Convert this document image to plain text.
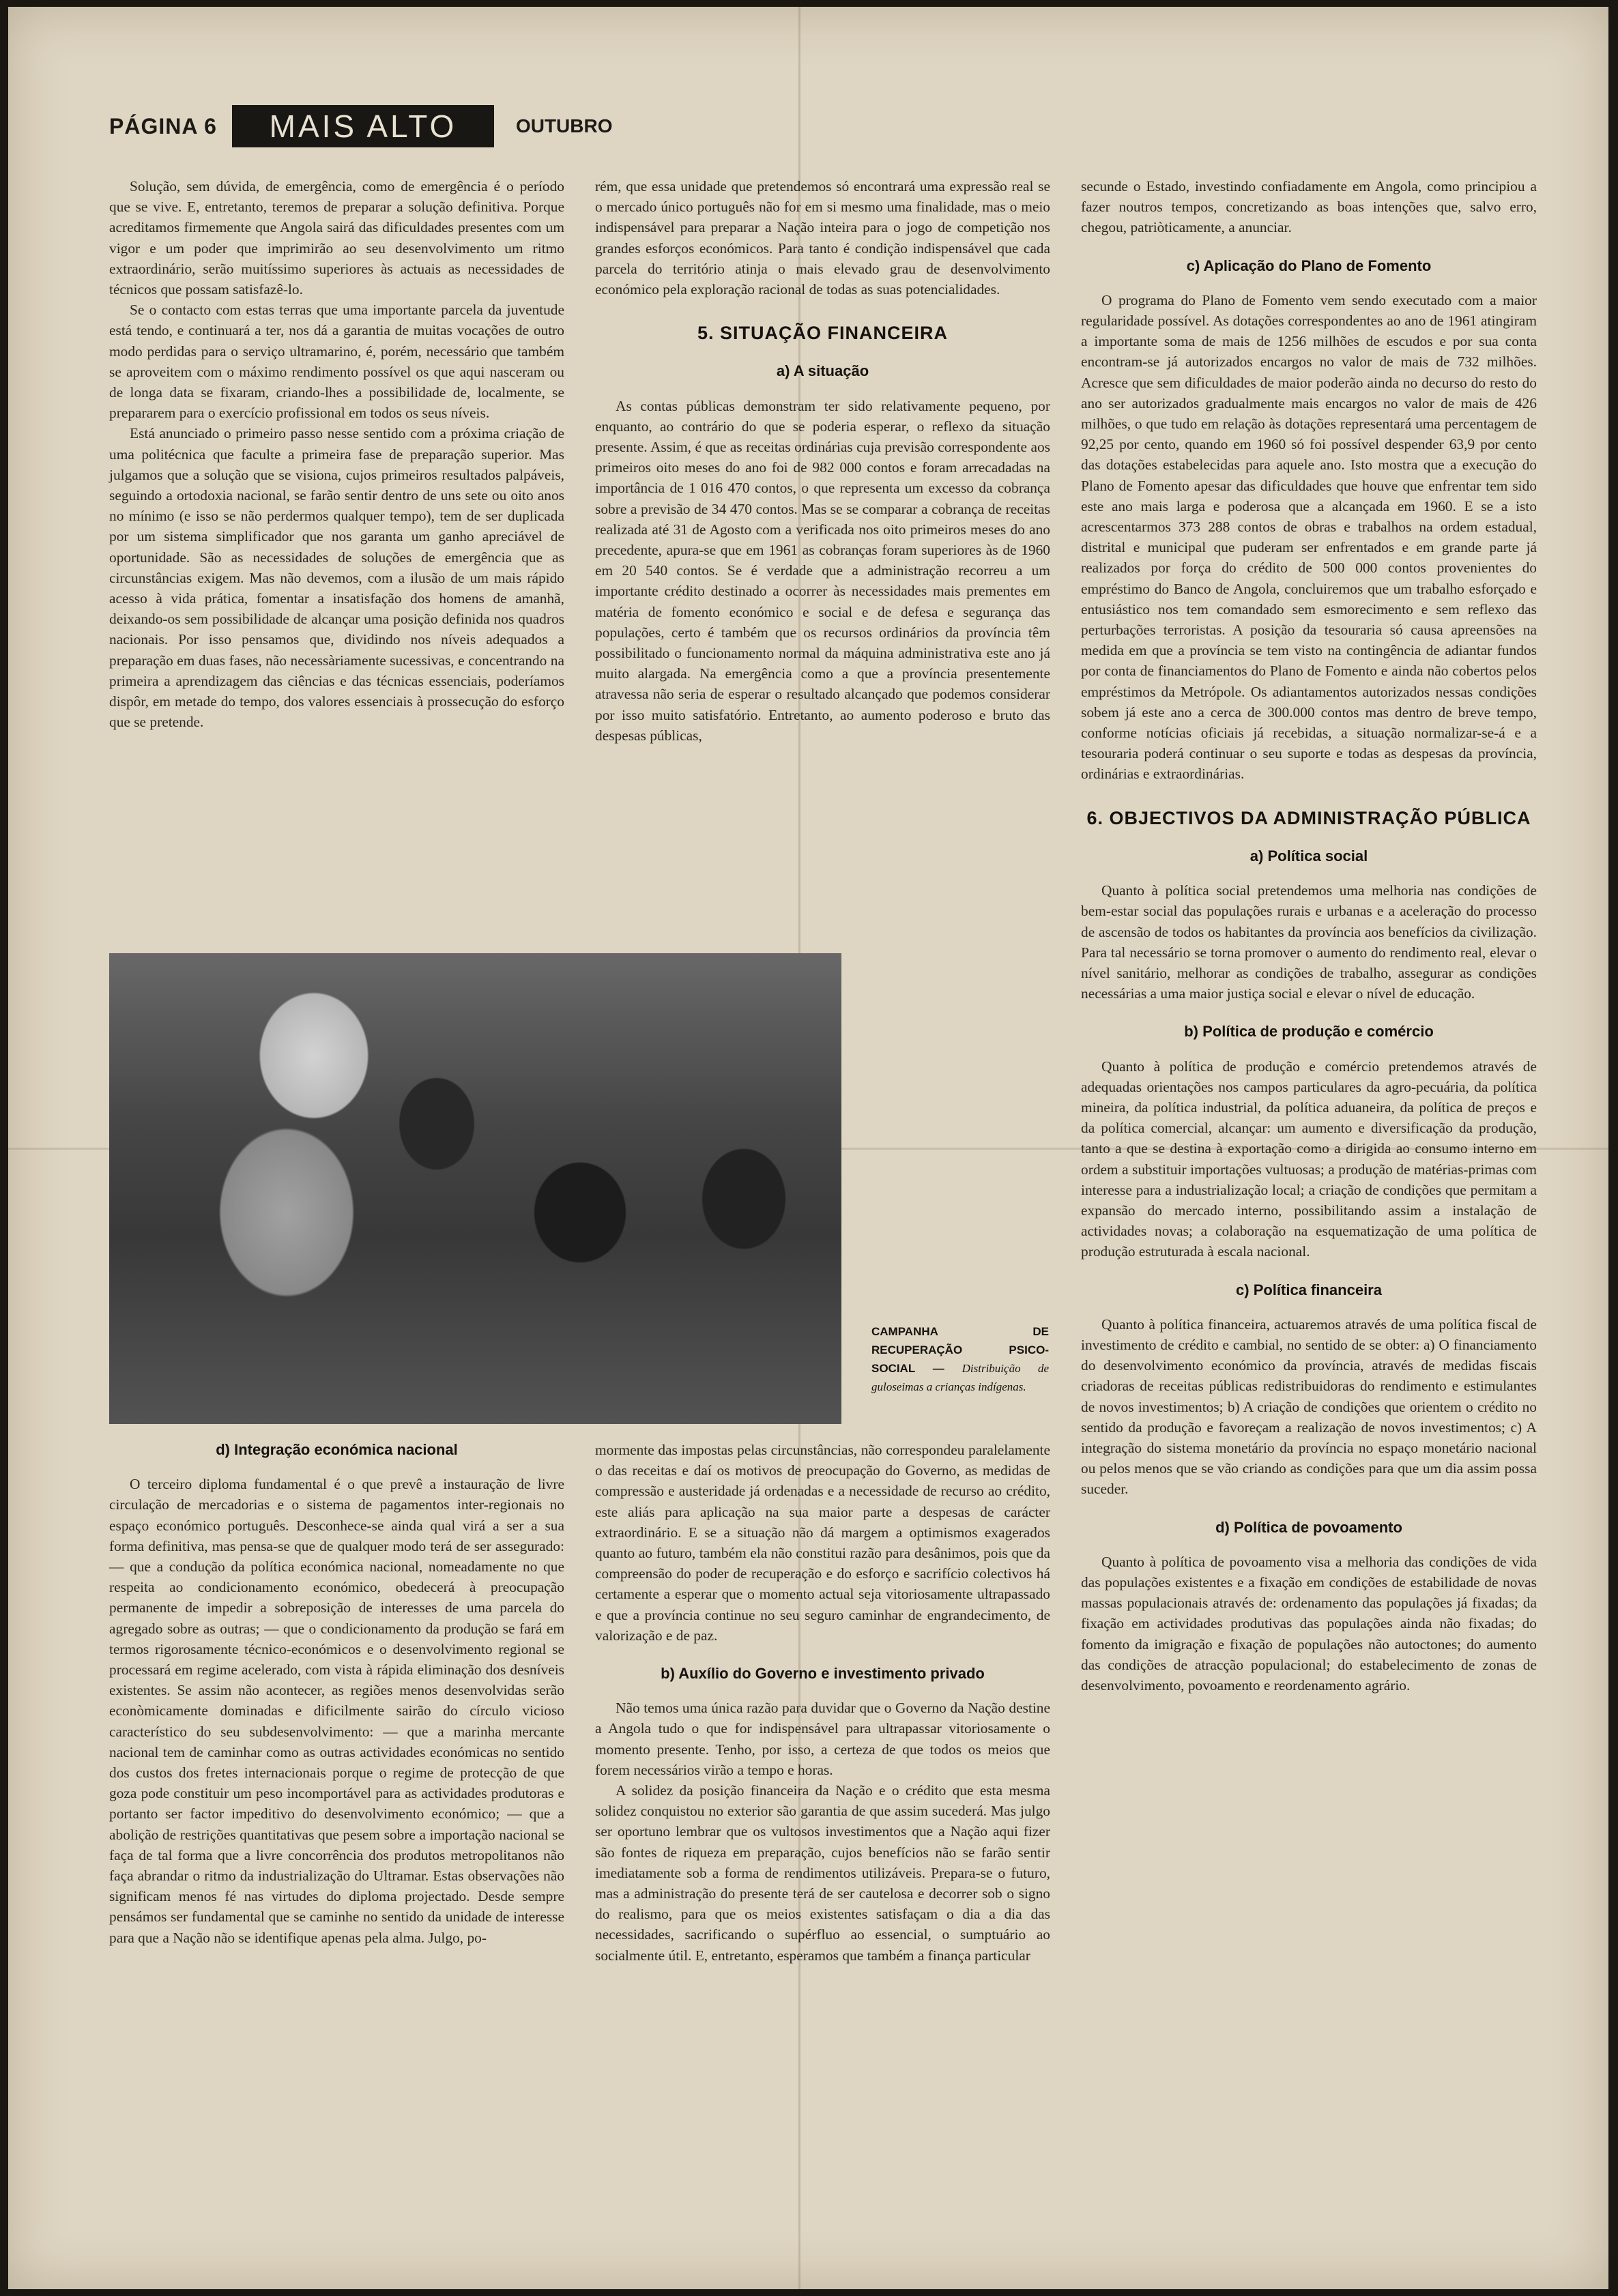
PÁGINA 6	MAIS ALTO	OUTUBRO

Solução, sem dúvida, de emergência, como de emergência é o período que se vive. E, entretanto, teremos de preparar a solução definitiva. Porque acreditamos firmemente que Angola sairá das dificuldades presentes com um vigor e um poder que imprimirão ao seu desenvolvimento um ritmo extraordinário, serão muitíssimo superiores às actuais as necessidades de técnicos que possam satisfazê-lo.

Se o contacto com estas terras que uma importante parcela da juventude está tendo, e continuará a ter, nos dá a garantia de muitas vocações de outro modo perdidas para o serviço ultramarino, é, porém, necessário que também se aproveitem com o máximo rendimento possível os que aqui nasceram ou de longa data se fixaram, criando-lhes a possibilidade de, localmente, se prepararem para o exercício profissional em todos os seus níveis.

Está anunciado o primeiro passo nesse sentido com a próxima criação de uma politécnica que faculte a primeira fase de preparação superior. Mas julgamos que a solução que se visiona, cujos primeiros resultados palpáveis, seguindo a ortodoxia nacional, se farão sentir dentro de uns sete ou oito anos no mínimo (e isso se não perdermos qualquer tempo), tem de ser duplicada por um sistema simplificador que nos garanta um ganho apreciável de oportunidade. São as necessidades de soluções de emergência que as circunstâncias exigem. Mas não devemos, com a ilusão de um mais rápido acesso à vida prática, fomentar a insatisfação dos homens de amanhã, deixando-os sem possibilidade de alcançar uma posição definida nos quadros nacionais. Por isso pensamos que, dividindo nos níveis adequados a preparação em duas fases, não necessàriamente sucessivas, e concentrando na primeira a aprendizagem das ciências e das técnicas essenciais, poderíamos dispôr, em metade do tempo, dos valores essenciais à prossecução do esforço que se pretende.

rém, que essa unidade que pretendemos só encontrará uma expressão real se o mercado único português não for em si mesmo uma finalidade, mas o meio indispensável para preparar a Nação inteira para o jogo de competição nos grandes esforços económicos. Para tanto é condição indispensável que cada parcela do território atinja o mais elevado grau de desenvolvimento económico pela exploração racional de todas as suas potencialidades.

5. SITUAÇÃO FINANCEIRA

a) A situação

As contas públicas demonstram ter sido relativamente pequeno, por enquanto, ao contrário do que se poderia esperar, o reflexo da situação presente. Assim, é que as receitas ordinárias cuja previsão correspondente aos primeiros oito meses do ano foi de 982 000 contos e foram arrecadadas na importância de 1 016 470 contos, o que representa um excesso da cobrança sobre a previsão de 34 470 contos. Mas se se comparar a cobrança de receitas realizada até 31 de Agosto com a verificada nos oito primeiros meses do ano precedente, apura-se que em 1961 as cobranças foram superiores às de 1960 em 20 540 contos. Se é verdade que a administração recorreu a um importante crédito destinado a ocorrer às necessidades mais prementes em matéria de fomento económico e social e de defesa e segurança das populações, certo é também que os recursos ordinários da província têm possibilitado o funcionamento normal da máquina administrativa este ano já muito alargada. Na emergência como a que a província presentemente atravessa não seria de esperar o resultado alcançado que podemos considerar por isso muito satisfatório. Entretanto, ao aumento poderoso e bruto das despesas públicas,

secunde o Estado, investindo confiadamente em Angola, como principiou a fazer noutros tempos, concretizando as boas intenções que, salvo erro, chegou, patriòticamente, a anunciar.

c) Aplicação do Plano de Fomento

O programa do Plano de Fomento vem sendo executado com a maior regularidade possível. As dotações correspondentes ao ano de 1961 atingiram a importante soma de mais de 1256 milhões de escudos e por sua conta encontram-se já autorizados encargos no valor de mais de 732 milhões. Acresce que sem dificuldades de maior poderão ainda no decurso do resto do ano ser autorizados gradualmente mais encargos no valor de mais de 426 milhões, o que tudo em relação às dotações representará uma percentagem de 92,25 por cento, quando em 1960 só foi possível despender 63,9 por cento das dotações estabelecidas para aquele ano. Isto mostra que a execução do Plano de Fomento apesar das dificuldades que houve que enfrentar tem sido este ano mais larga e poderosa que a alcançada em 1960. E se a isto acrescentarmos 373 288 contos de obras e trabalhos na ordem estadual, distrital e municipal que puderam ser enfrentados e em grande parte já realizados por força do crédito de 500 000 contos provenientes do empréstimo do Banco de Angola, concluiremos que um trabalho esforçado e entusiástico nos tem comandado sem esmorecimento e sem reflexo das perturbações terroristas. A posição da tesouraria só causa apreensões na medida em que a província se tem visto na contingência de adiantar fundos por conta de financiamentos do Plano de Fomento e ainda não cobertos pelos empréstimos da Metrópole. Os adiantamentos autorizados nessas condições sobem já este ano a cerca de 300.000 contos mas dentro de breve tempo, conforme notícias oficiais já recebidas, a situação normalizar-se-á e a tesouraria poderá continuar o seu suporte e todas as despesas da província, ordinárias e extraordinárias.

6. OBJECTIVOS DA ADMINISTRAÇÃO PÚBLICA

a) Política social

Quanto à política social pretendemos uma melhoria nas condições de bem-estar social das populações rurais e urbanas e a aceleração do processo de ascensão de todos os habitantes da província aos benefícios da civilização. Para tal necessário se torna promover o aumento do rendimento real, elevar o nível sanitário, melhorar as condições de trabalho, assegurar as condições necessárias a uma maior justiça social e elevar o nível de educação.

b) Política de produção e comércio

Quanto à política de produção e comércio pretendemos através de adequadas orientações nos campos particulares da agro-pecuária, da política mineira, da política industrial, da política aduaneira, da política de preços e da política comercial, alcançar: um aumento e diversificação da produção, tanto a que se destina à exportação como a dirigida ao consumo interno em ordem a substituir importações vultuosas; a produção de matérias-primas com interesse para a industrialização local; a criação de condições que permitam a expansão do mercado interno, possibilitando assim a instalação de actividades novas; a colaboração na esquematização de uma política de produção estruturada à escala nacional.

c) Política financeira

Quanto à política financeira, actuaremos através de uma política fiscal de investimento de crédito e cambial, no sentido de se obter: a) O financiamento do desenvolvimento económico da província, através de medidas fiscais criadoras de receitas públicas redistribuidoras do rendimento e estimulantes de novos investimentos; b) A criação de condições que orientem o crédito no sentido da produção e favoreçam a realização de novos investimentos; c) A integração do sistema monetário da província no espaço monetário nacional ou pelos menos que se vão criando as condições para que um dia assim possa suceder.

d) Política de povoamento

Quanto à política de povoamento visa a melhoria das condições de vida das populações existentes e a fixação em condições de estabilidade de novas massas populacionais através de: ordenamento das populações já fixadas; da fixação em actividades produtivas das populações ainda não fixadas; do fomento da imigração e fixação de populações não autoctones; do aumento das condições de atracção populacional; do estabelecimento de zonas de desenvolvimento, povoamento e reordenamento agrário.

CAMPANHA DE RECUPERAÇÃO PSICO-SOCIAL — Distribuição de guloseimas a crianças indígenas.

d) Integração económica nacional

O terceiro diploma fundamental é o que prevê a instauração de livre circulação de mercadorias e o sistema de pagamentos inter-regionais no espaço económico português. Desconhece-se ainda qual virá a ser a sua forma definitiva, mas pensa-se que de qualquer modo terá de ser assegurado: — que a condução da política económica nacional, nomeadamente no que respeita ao condicionamento económico, obedecerá à preocupação permanente de impedir a sobreposição de interesses de uma parcela do agregado sobre as outras; — que o condicionamento da produção se fará em termos rigorosamente técnico-económicos e o desenvolvimento regional se processará em regime acelerado, com vista à rápida eliminação dos desníveis existentes. Se assim não acontecer, as regiões menos desenvolvidas serão econòmicamente dominadas e dificilmente sairão do círculo vicioso característico do seu subdesenvolvimento: — que a marinha mercante nacional tem de caminhar como as outras actividades económicas no sentido dos custos dos fretes internacionais porque o regime de protecção de que goza pode constituir um peso incomportável para as actividades produtoras e portanto ser factor impeditivo do desenvolvimento económico; — que a abolição de restrições quantitativas que pesem sobre a importação nacional se faça de tal forma que a livre concorrência dos produtos metropolitanos não faça abrandar o ritmo da industrialização do Ultramar. Estas observações não significam menos fé nas virtudes do diploma projectado. Desde sempre pensámos ser fundamental que se caminhe no sentido da unidade de interesse para que a Nação não se identifique apenas pela alma. Julgo, po-

mormente das impostas pelas circunstâncias, não correspondeu paralelamente o das receitas e daí os motivos de preocupação do Governo, as medidas de compressão e austeridade já ordenadas e a necessidade de recurso ao crédito, este aliás para aplicação na sua maior parte a despesas de carácter extraordinário. E se a situação não dá margem a optimismos exagerados quanto ao futuro, também ela não constitui razão para desânimos, pois que da compreensão do poder de recuperação e do esforço e sacrifício colectivos há certamente a esperar que o momento actual seja vitoriosamente ultrapassado e que a província continue no seu seguro caminhar de engrandecimento, de valorização e de paz.

b) Auxílio do Governo e investimento privado

Não temos uma única razão para duvidar que o Governo da Nação destine a Angola tudo o que for indispensável para ultrapassar vitoriosamente o momento presente. Tenho, por isso, a certeza de que todos os meios que forem necessários virão a tempo e horas.

A solidez da posição financeira da Nação e o crédito que esta mesma solidez conquistou no exterior são garantia de que assim sucederá. Mas julgo ser oportuno lembrar que os vultosos investimentos que a Nação aqui fizer são fontes de riqueza em preparação, cujos benefícios não se farão sentir imediatamente sob a forma de rendimentos utilizáveis. Prepara-se o futuro, mas a administração do presente terá de ser cautelosa e decorrer sob o signo do realismo, para que os meios existentes satisfaçam o dia a dia das necessidades, sacrificando o supérfluo ao essencial, o sumptuário ao socialmente útil. E, entretanto, esperamos que também a finança particular
